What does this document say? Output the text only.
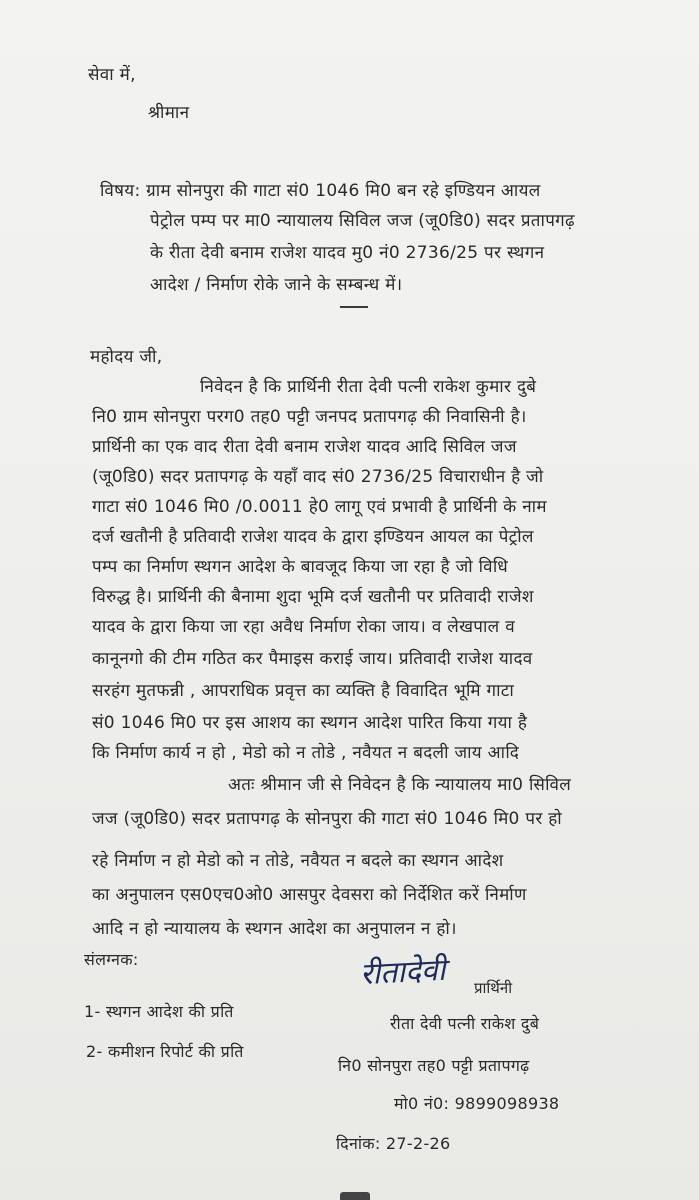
सेवा में,
श्रीमान
विषय: ग्राम सोनपुरा की गाटा सं0 1046 मि0 बन रहे इण्डियन आयल
पेट्रोल पम्प पर मा0 न्यायालय सिविल जज (जू0डि0) सदर प्रतापगढ़
के रीता देवी बनाम राजेश यादव मु0 नं0 2736/25 पर स्थगन
आदेश / निर्माण रोके जाने के सम्बन्ध में।
महोदय जी,
निवेदन है कि प्रार्थिनी रीता देवी पत्नी राकेश कुमार दुबे
नि0 ग्राम सोनपुरा परग0 तह0 पट्टी जनपद प्रतापगढ़ की निवासिनी है।
प्रार्थिनी का एक वाद रीता देवी बनाम राजेश यादव आदि सिविल जज
(जू0डि0) सदर प्रतापगढ़ के यहाँ वाद सं0 2736/25 विचाराधीन है जो
गाटा सं0 1046 मि0 /0.0011 हे0 लागू एवं प्रभावी है प्रार्थिनी के नाम
दर्ज खतौनी है प्रतिवादी राजेश यादव के द्वारा इण्डियन आयल का पेट्रोल
पम्प का निर्माण स्थगन आदेश के बावजूद किया जा रहा है जो विधि
विरुद्ध है। प्रार्थिनी की बैनामा शुदा भूमि दर्ज खतौनी पर प्रतिवादी राजेश
यादव के द्वारा किया जा रहा अवैध निर्माण रोका जाय। व लेखपाल व
कानूनगो की टीम गठित कर पैमाइस कराई जाय। प्रतिवादी राजेश यादव
सरहंग मुतफन्नी , आपराधिक प्रवृत्त का व्यक्ति है विवादित भूमि गाटा
सं0 1046 मि0 पर इस आशय का स्थगन आदेश पारित किया गया है
कि निर्माण कार्य न हो , मेडो को न तोडे , नवैयत न बदली जाय आदि
अतः श्रीमान जी से निवेदन है कि न्यायालय मा0 सिविल
जज (जू0डि0) सदर प्रतापगढ़ के सोनपुरा की गाटा सं0 1046 मि0 पर हो
रहे निर्माण न हो मेडो को न तोडे, नवैयत न बदले का स्थगन आदेश
का अनुपालन एस0एच0ओ0 आसपुर देवसरा को निर्देशित करें निर्माण
आदि न हो न्यायालय के स्थगन आदेश का अनुपालन न हो।
संलग्नक:	रीतादेवी प्रार्थिनी
1- स्थगन आदेश की प्रति
रीता देवी पत्नी राकेश दुबे
2- कमीशन रिपोर्ट की प्रति
नि0 सोनपुरा तह0 पट्टी प्रतापगढ़
मो0 नं0: 9899098938
दिनांक: 27-2-26
